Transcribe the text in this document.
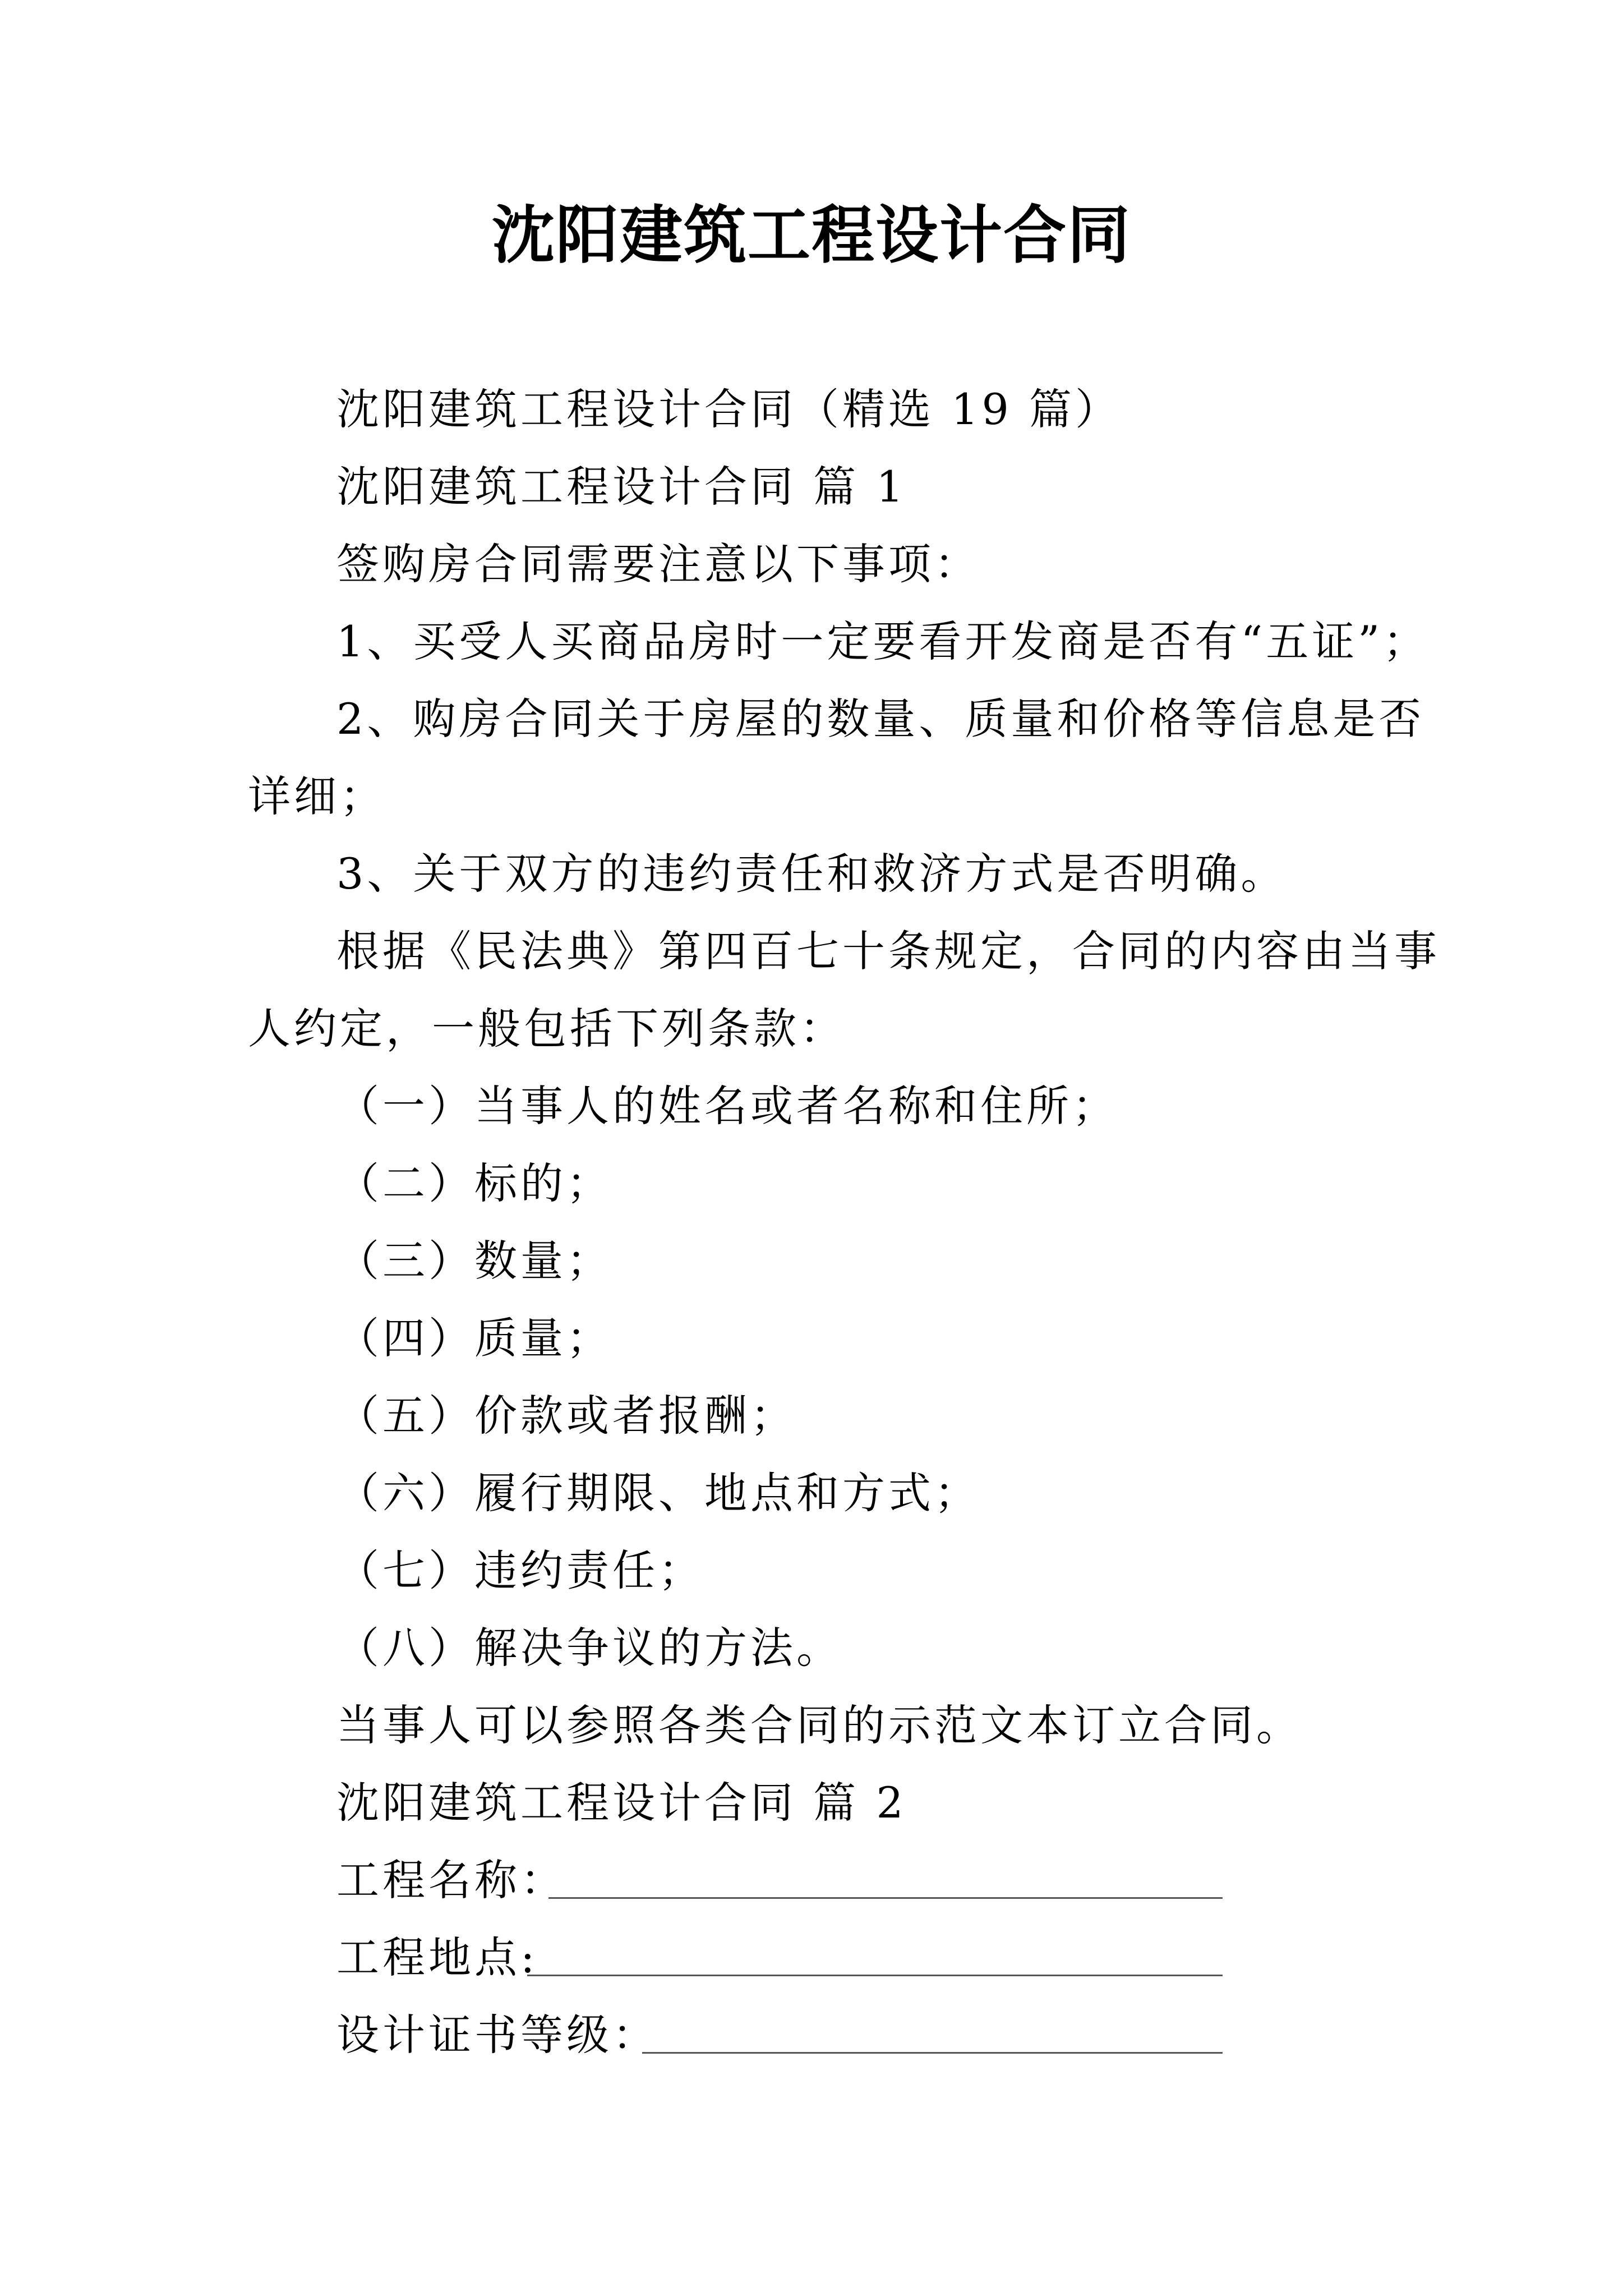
沈阳建筑工程设计合同
沈阳建筑工程设计合同（精选 19 篇）
沈阳建筑工程设计合同 篇 1
签购房合同需要注意以下事项：
1、买受人买商品房时一定要看开发商是否有“五证”；
2、购房合同关于房屋的数量、质量和价格等信息是否
详细；
3、关于双方的违约责任和救济方式是否明确。
根据《民法典》第四百七十条规定，合同的内容由当事
人约定，一般包括下列条款：
（一）当事人的姓名或者名称和住所；
（二）标的；
（三）数量；
（四）质量；
（五）价款或者报酬；
（六）履行期限、地点和方式；
（七）违约责任；
（八）解决争议的方法。
当事人可以参照各类合同的示范文本订立合同。
沈阳建筑工程设计合同 篇 2
工程名称：
工程地点:
设计证书等级：
